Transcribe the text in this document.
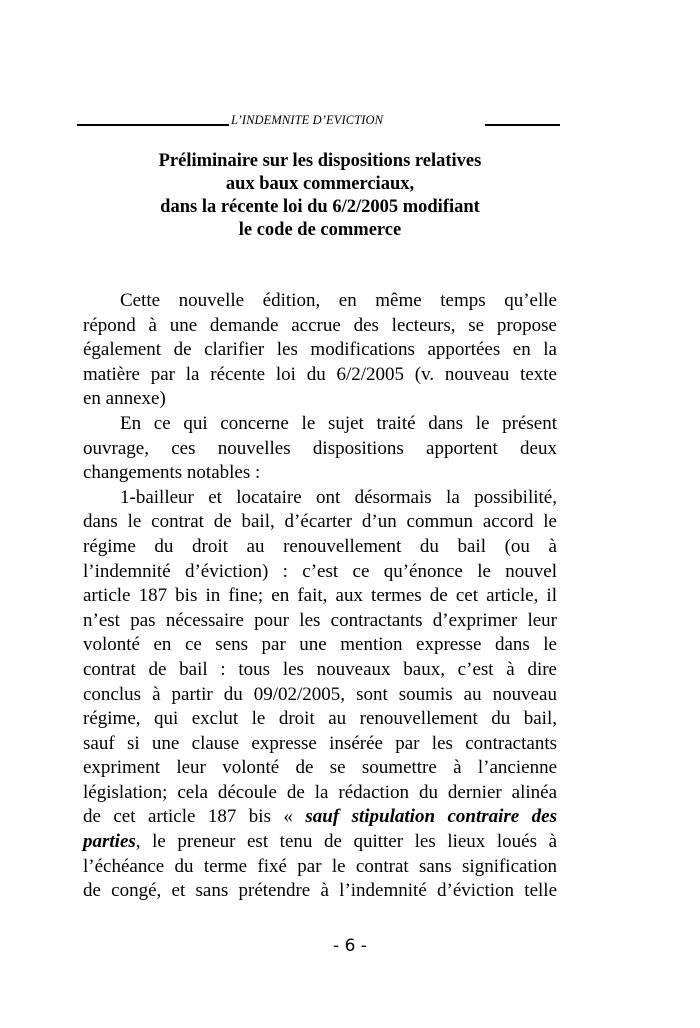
L’INDEMNITE D’EVICTION
Préliminaire sur les dispositions relatives
aux baux commerciaux,
dans la récente loi du 6/2/2005 modifiant
le code de commerce
Cette nouvelle édition, en même temps qu’elle
répond à une demande accrue des lecteurs, se propose
également de clarifier les modifications apportées en la
matière par la récente loi du 6/2/2005 (v. nouveau texte
en annexe)
En ce qui concerne le sujet traité dans le présent
ouvrage, ces nouvelles dispositions apportent deux
changements notables :
1-bailleur et locataire ont désormais la possibilité,
dans le contrat de bail, d’écarter d’un commun accord le
régime du droit au renouvellement du bail (ou à
l’indemnité d’éviction) : c’est ce qu’énonce le nouvel
article 187 bis in fine; en fait, aux termes de cet article, il
n’est pas nécessaire pour les contractants d’exprimer leur
volonté en ce sens par une mention expresse dans le
contrat de bail : tous les nouveaux baux, c’est à dire
conclus à partir du 09/02/2005, sont soumis au nouveau
régime, qui exclut le droit au renouvellement du bail,
sauf si une clause expresse insérée par les contractants
expriment leur volonté de se soumettre à l’ancienne
législation; cela découle de la rédaction du dernier alinéa
de cet article 187 bis « sauf stipulation contraire des
parties, le preneur est tenu de quitter les lieux loués à
l’échéance du terme fixé par le contrat sans signification
de congé, et sans prétendre à l’indemnité d’éviction telle
- 6 -
